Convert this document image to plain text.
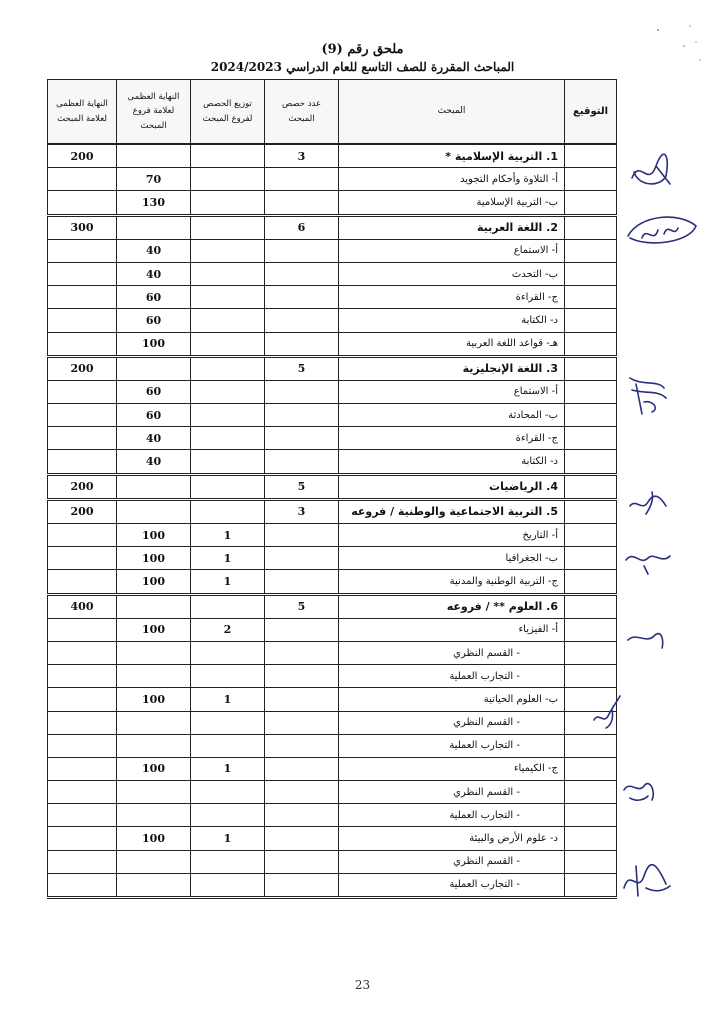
ملحق رقم (9)
المباحث المقررة للصف التاسع للعام الدراسي 2024/2023
التوقيع	المبحث	عدد حصص المبحث	توزيع الحصص لفروع المبحث	النهاية العظمى لعلامة فروع المبحث	النهاية العظمى لعلامة المبحث
	1. التربية الإسلامية *	3			200
	أ- التلاوة وأحكام التجويد			70	
	ب- التربية الإسلامية			130	
	2. اللغة العربية	6			300
	أ- الاستماع			40	
	ب- التحدث			40	
	ج- القراءة			60	
	د- الكتابة			60	
	هـ- قواعد اللغة العربية			100	
	3. اللغة الإنجليزية	5			200
	أ- الاستماع			60	
	ب- المحادثة			60	
	ج- القراءة			40	
	د- الكتابة			40	
	4. الرياضيات	5			200
	5. التربية الاجتماعية والوطنية / فروعه	3			200
	أ- التاريخ		1	100	
	ب- الجغرافيا		1	100	
	ج- التربية الوطنية والمدنية		1	100	
	6. العلوم ** / فروعه	5			400
	أ- الفيزياء		2	100	
	- القسم النظري				
	- التجارب العملية				
	ب- العلوم الحياتية		1	100	
	- القسم النظري				
	- التجارب العملية				
	ج- الكيمياء		1	100	
	- القسم النظري				
	- التجارب العملية				
	د- علوم الأرض والبيئة		1	100	
	- القسم النظري				
	- التجارب العملية				
23
